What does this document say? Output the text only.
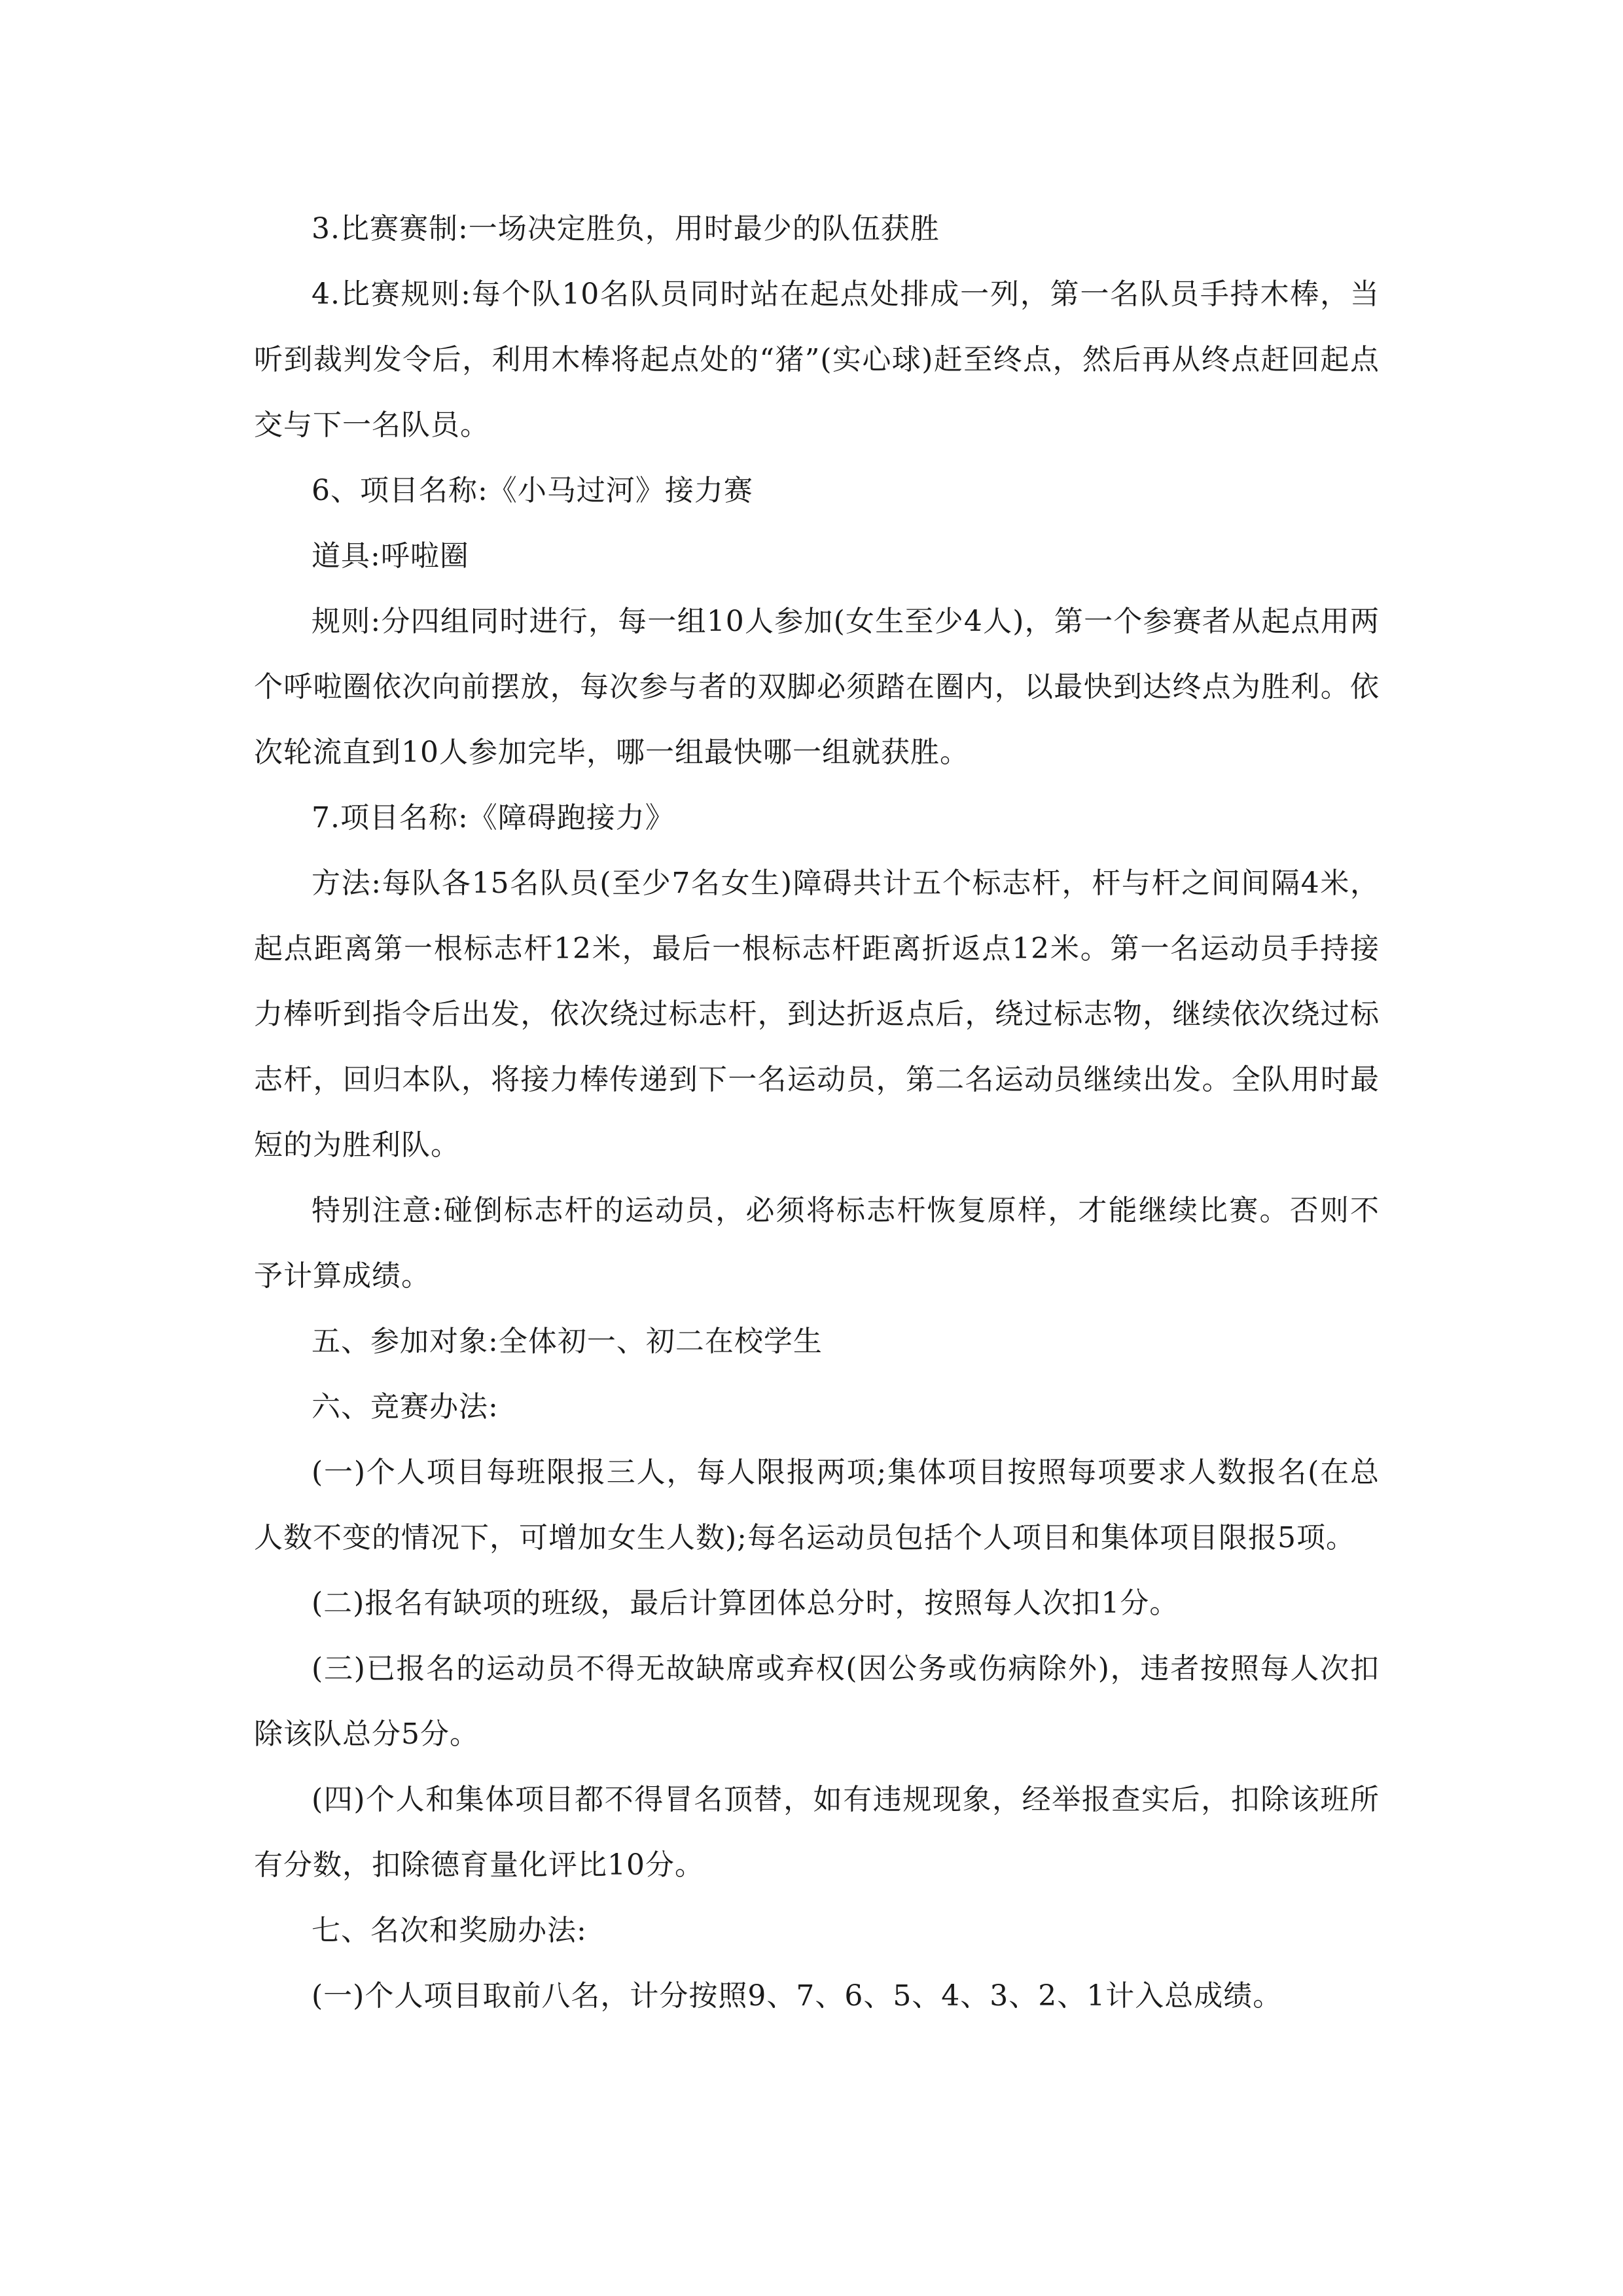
3.比赛赛制:一场决定胜负，用时最少的队伍获胜

4.比赛规则:每个队10名队员同时站在起点处排成一列，第一名队员手持木棒，当听到裁判发令后，利用木棒将起点处的“猪”(实心球)赶至终点，然后再从终点赶回起点交与下一名队员。

6、项目名称:《小马过河》接力赛

道具:呼啦圈

规则:分四组同时进行，每一组10人参加(女生至少4人)，第一个参赛者从起点用两个呼啦圈依次向前摆放，每次参与者的双脚必须踏在圈内，以最快到达终点为胜利。依次轮流直到10人参加完毕，哪一组最快哪一组就获胜。

7.项目名称:《障碍跑接力》

方法:每队各15名队员(至少7名女生)障碍共计五个标志杆，杆与杆之间间隔4米，起点距离第一根标志杆12米，最后一根标志杆距离折返点12米。第一名运动员手持接力棒听到指令后出发，依次绕过标志杆，到达折返点后，绕过标志物，继续依次绕过标志杆，回归本队，将接力棒传递到下一名运动员，第二名运动员继续出发。全队用时最短的为胜利队。

特别注意:碰倒标志杆的运动员，必须将标志杆恢复原样，才能继续比赛。否则不予计算成绩。

五、参加对象:全体初一、初二在校学生

六、竞赛办法:

(一)个人项目每班限报三人，每人限报两项;集体项目按照每项要求人数报名(在总人数不变的情况下，可增加女生人数);每名运动员包括个人项目和集体项目限报5项。

(二)报名有缺项的班级，最后计算团体总分时，按照每人次扣1分。

(三)已报名的运动员不得无故缺席或弃权(因公务或伤病除外)，违者按照每人次扣除该队总分5分。

(四)个人和集体项目都不得冒名顶替，如有违规现象，经举报查实后，扣除该班所有分数，扣除德育量化评比10分。

七、名次和奖励办法:

(一)个人项目取前八名，计分按照9、7、6、5、4、3、2、1计入总成绩。
